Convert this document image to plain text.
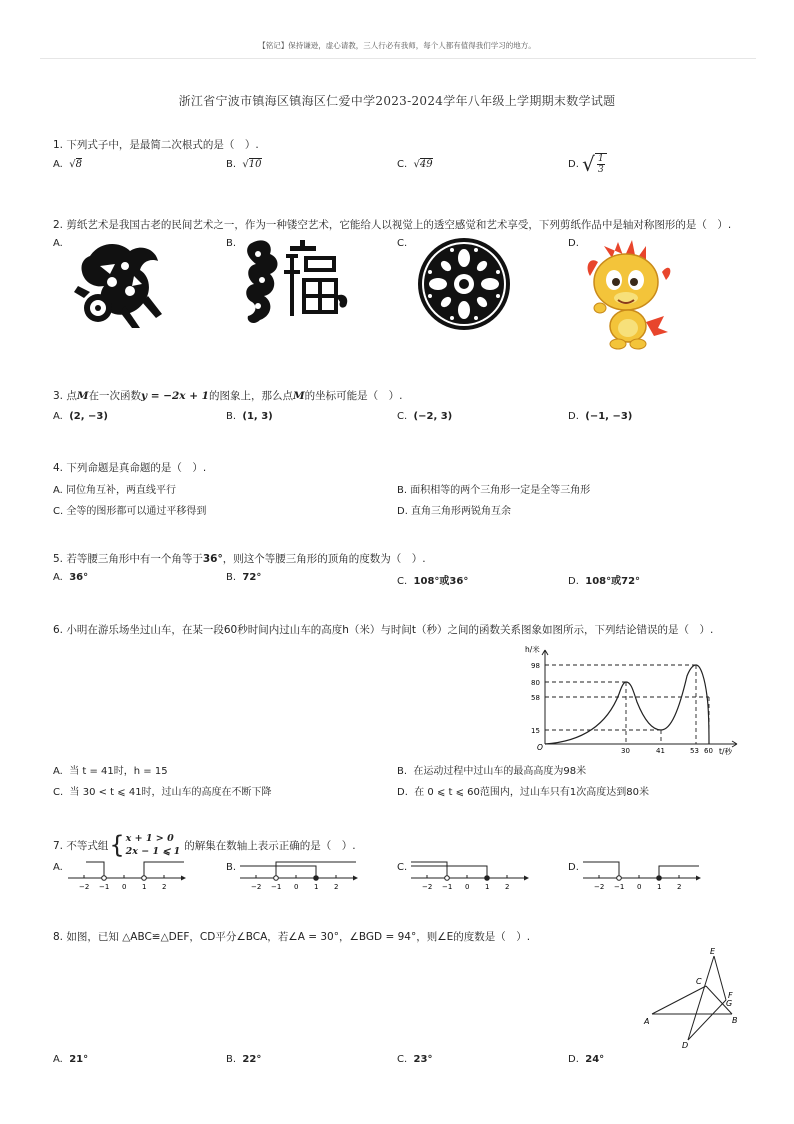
【铭记】保持谦逊，虚心请教，三人行必有我师，每个人都有值得我们学习的地方。
浙江省宁波市镇海区镇海区仁爱中学2023-2024学年八年级上学期期末数学试题
1. 下列式子中，是最简二次根式的是（　）.
A. √8	B. √10	C. √49	D.
√ 1
3
2. 剪纸艺术是我国古老的民间艺术之一，作为一种镂空艺术，它能给人以视觉上的透空感觉和艺术享受，下列剪纸作品中是轴对称图形的是（　）.
A.	B.	C.	D.
3. 点M在一次函数y = −2x + 1的图象上，那么点M的坐标可能是（　）.
A. (2, −3)	B. (1, 3)	C. (−2, 3)	D. (−1, −3)
4. 下列命题是真命题的是（　）.
A. 同位角互补，两直线平行	B. 面积相等的两个三角形一定是全等三角形
C. 全等的图形都可以通过平移得到	D. 直角三角形两锐角互余
5. 若等腰三角形中有一个角等于36°，则这个等腰三角形的顶角的度数为（　）.
A. 36°	B. 72°	C. 108°或36°	D. 108°或72°
6. 小明在游乐场坐过山车，在某一段60秒时间内过山车的高度h（米）与时间t（秒）之间的函数关系图象如图所示，下列结论错误的是（　）.
h/米
t/秒
O
98
80
58
15
30	41	53 60
A. 当 t = 41时，h = 15	B. 在运动过程中过山车的最高高度为98米
C. 当 30 < t ⩽ 41时，过山车的高度在不断下降	D. 在 0 ⩽ t ⩽ 60范围内，过山车只有1次高度达到80米
7. 不等式组 { x + 1 > 0
2x − 1 ⩽ 1 的解集在数轴上表示正确的是（　）.
A.	B.	C.	D.
−2 −1 0 1 2	−2 −1 0 1 2	−2 −1 0 1 2	−2 −1 0 1 2
8. 如图，已知 △ABC≌△DEF，CD平分∠BCA，若∠A = 30°，∠BGD = 94°，则∠E的度数是（　）.
A	B
C
D
E
F
G
A. 21°	B. 22°	C. 23°	D. 24°
